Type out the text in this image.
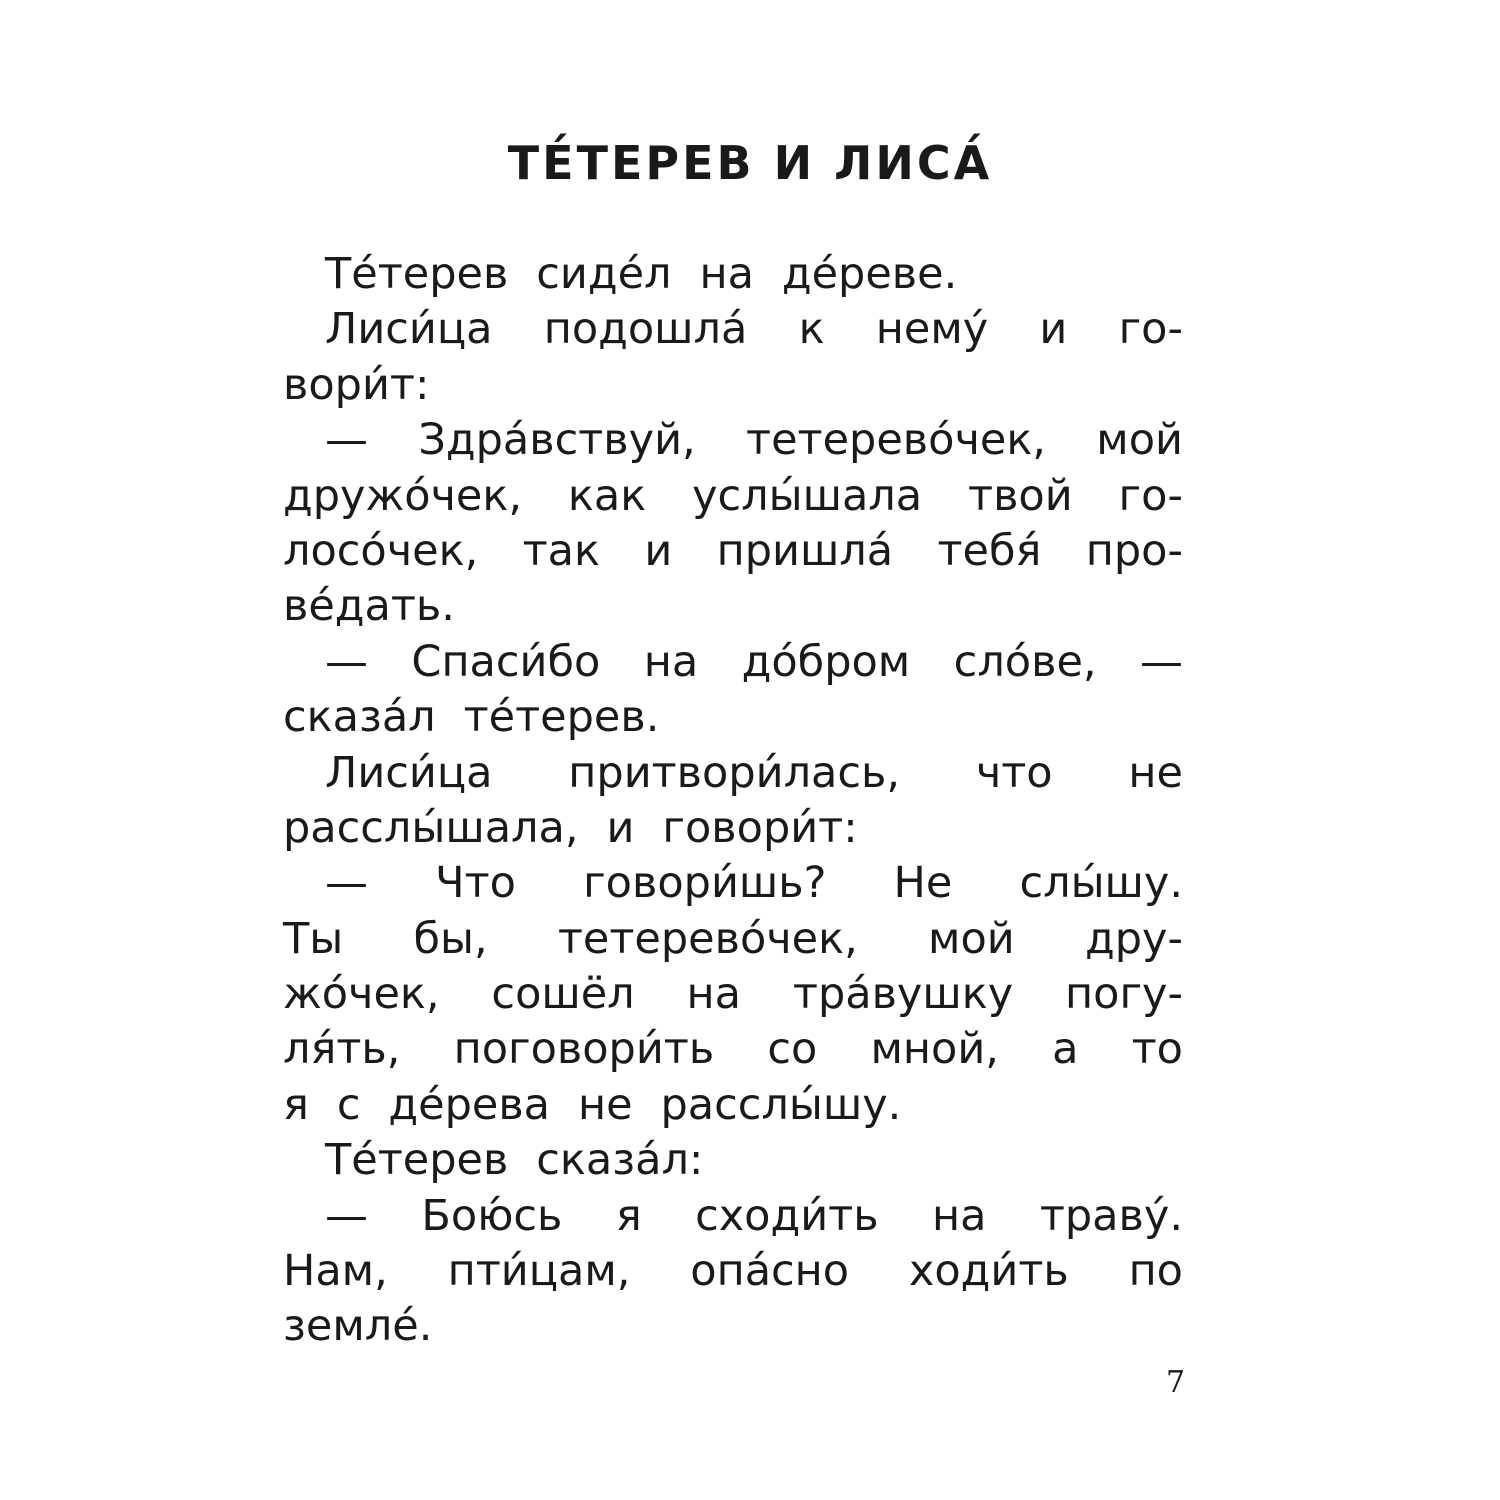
ТЕ́ТЕРЕВ И ЛИСА́
Те́терев сиде́л на де́реве.
Лиси́ца подошла́ к нему́ и го-
вори́т:
— Здра́вствуй, тетерево́чек, мой
дружо́чек, как услы́шала твой го-
лосо́чек, так и пришла́ тебя́ про-
ве́дать.
— Спаси́бо на до́бром сло́ве, —
сказа́л те́терев.
Лиси́ца притвори́лась, что не
расслы́шала, и говори́т:
— Что говори́шь? Не слы́шу.
Ты бы, тетерево́чек, мой дру-
жо́чек, сошёл на тра́вушку погу-
ля́ть, поговори́ть со мной, а то
я с де́рева не расслы́шу.
Те́терев сказа́л:
— Бою́сь я сходи́ть на траву́.
Нам, пти́цам, опа́сно ходи́ть по
земле́.

7
